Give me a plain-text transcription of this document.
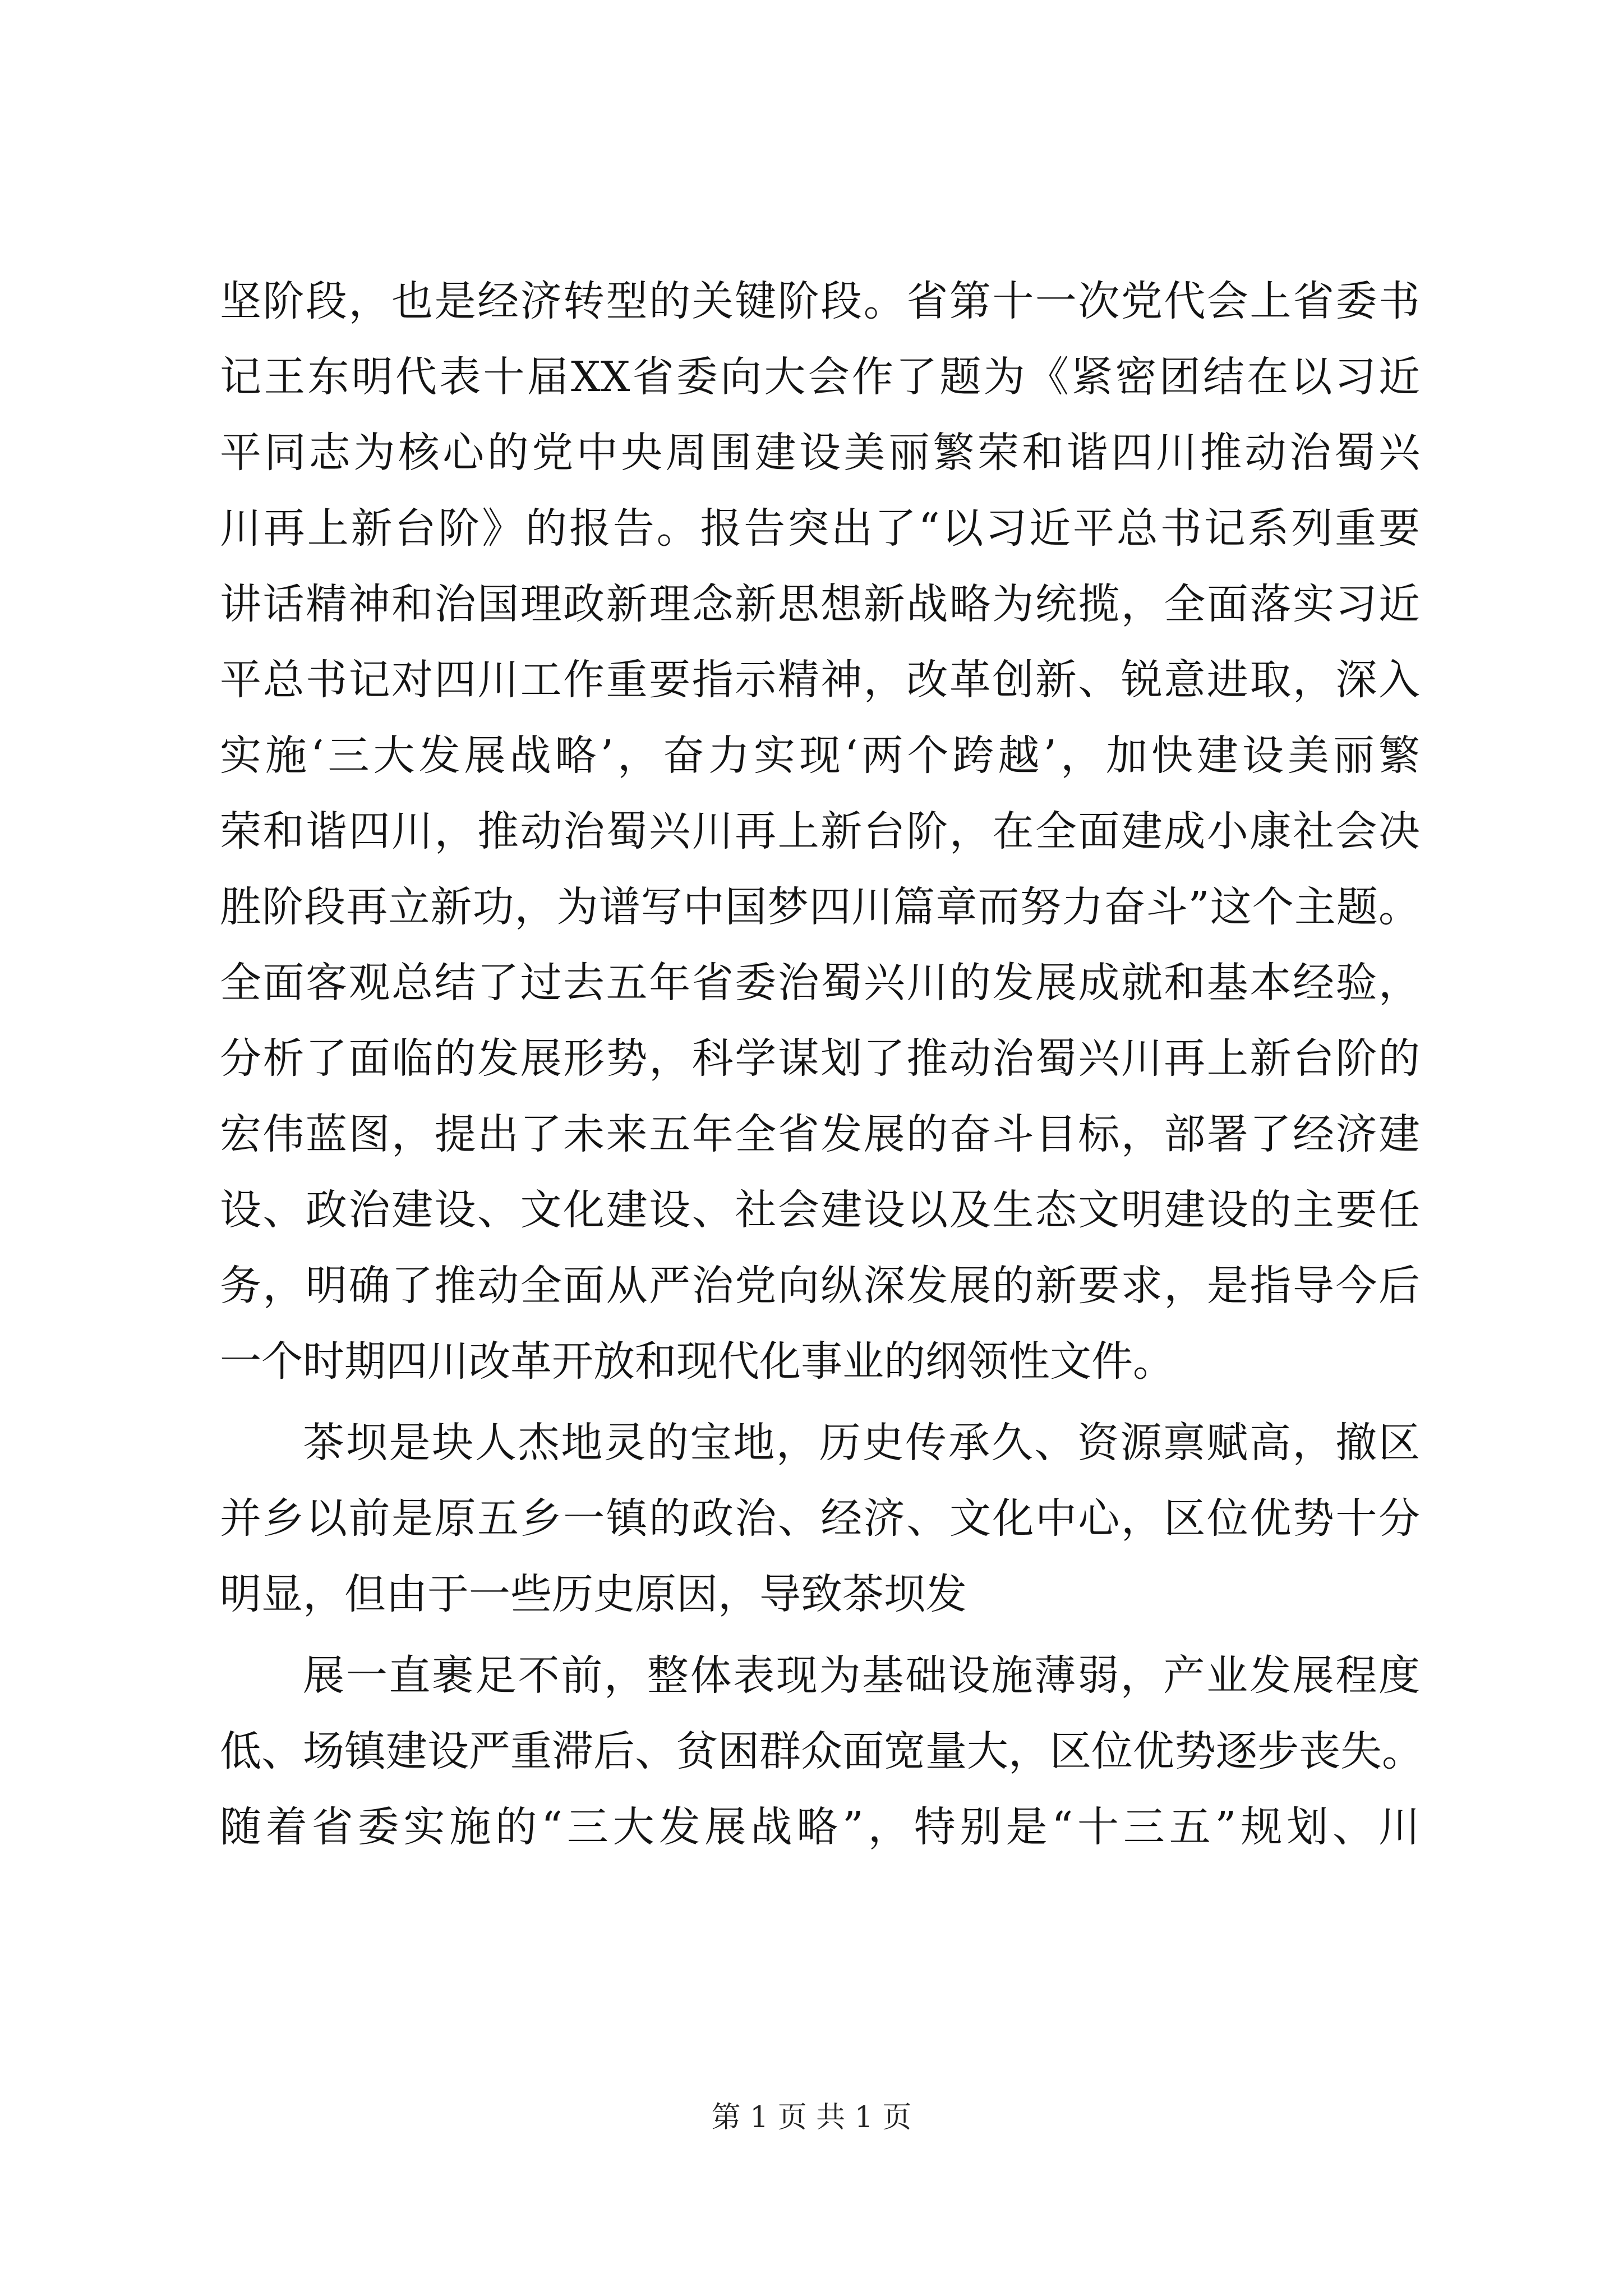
坚阶段，也是经济转型的关键阶段。省第十一次党代会上省委书
记王东明代表十届XX省委向大会作了题为《紧密团结在以习近
平同志为核心的党中央周围建设美丽繁荣和谐四川推动治蜀兴
川再上新台阶》的报告。报告突出了“以习近平总书记系列重要
讲话精神和治国理政新理念新思想新战略为统揽，全面落实习近
平总书记对四川工作重要指示精神，改革创新、锐意进取，深入
实施‘三大发展战略’，奋力实现‘两个跨越’，加快建设美丽繁
荣和谐四川，推动治蜀兴川再上新台阶，在全面建成小康社会决
胜阶段再立新功，为谱写中国梦四川篇章而努力奋斗”这个主题。
全面客观总结了过去五年省委治蜀兴川的发展成就和基本经验，
分析了面临的发展形势，科学谋划了推动治蜀兴川再上新台阶的
宏伟蓝图，提出了未来五年全省发展的奋斗目标，部署了经济建
设、政治建设、文化建设、社会建设以及生态文明建设的主要任
务，明确了推动全面从严治党向纵深发展的新要求，是指导今后
一个时期四川改革开放和现代化事业的纲领性文件。
茶坝是块人杰地灵的宝地，历史传承久、资源禀赋高，撤区
并乡以前是原五乡一镇的政治、经济、文化中心，区位优势十分
明显，但由于一些历史原因，导致茶坝发
展一直裹足不前，整体表现为基础设施薄弱，产业发展程度
低、场镇建设严重滞后、贫困群众面宽量大，区位优势逐步丧失。
随着省委实施的“三大发展战略”，特别是“十三五”规划、川
第 1 页 共 1 页
